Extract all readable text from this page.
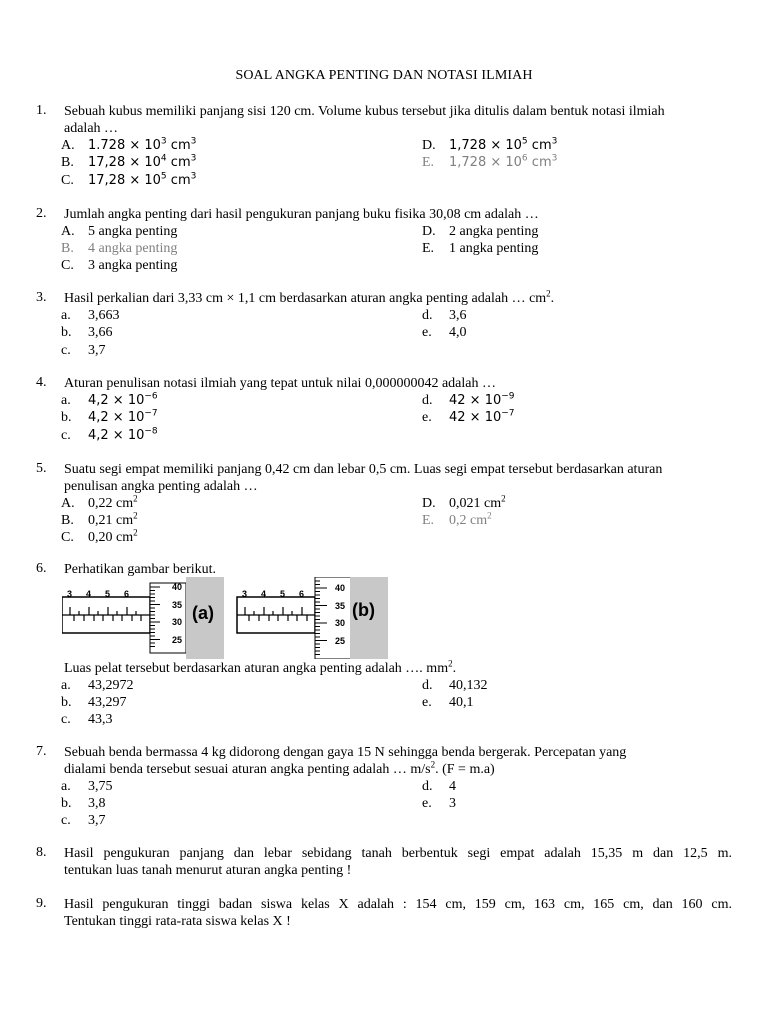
SOAL ANGKA PENTING DAN NOTASI ILMIAH
1. Sebuah kubus memiliki panjang sisi 120 cm. Volume kubus tersebut jika ditulis dalam bentuk notasi ilmiah
adalah …
A. $1.728 \times 10^3$ $cm^3$
B. $17,28 \times 10^4$ $cm^3$
C. $17,28 \times 10^5$ $cm^3$
D. $1,728 \times 10^5$ $cm^3$
E. $1,728 \times 10^6$ $cm^3$
2. Jumlah angka penting dari hasil pengukuran panjang buku fisika 30,08 cm adalah …
A. 5 angka penting
B. 4 angka penting
C. 3 angka penting
D. 2 angka penting
E. 1 angka penting
3. Hasil perkalian dari 3,33 cm × 1,1 cm berdasarkan aturan angka penting adalah … $cm^2$.
a. 3,663
b. 3,66
c. 3,7
d. 3,6
e. 4,0
4. Aturan penulisan notasi ilmiah yang tepat untuk nilai 0,000000042 adalah …
a. $4,2 \times 10^{-6}$
b. $4,2 \times 10^{-7}$
c. $4,2 \times 10^{-8}$
d. $42 \times 10^{-9}$
e. $42 \times 10^{-7}$
5. Suatu segi empat memiliki panjang 0,42 cm dan lebar 0,5 cm. Luas segi empat tersebut berdasarkan aturan
penulisan angka penting adalah …
A. 0,22 $cm^2$
B. 0,21 $cm^2$
C. 0,20 $cm^2$
D. 0,021 $cm^2$
E. 0,2 $cm^2$
6. Perhatikan gambar berikut.
3 4 5 6
40
35
30
25
(a)
3 4 5 6
40
35
30
25
(b)
Luas pelat tersebut berdasarkan aturan angka penting adalah …. $mm^2$.
a. 43,2972
b. 43,297
c. 43,3
d. 40,132
e. 40,1
7. Sebuah benda bermassa 4 kg didorong dengan gaya 15 N sehingga benda bergerak. Percepatan yang
dialami benda tersebut sesuai aturan angka penting adalah … $m/s^2$. (F = m.a)
a. 3,75
b. 3,8
c. 3,7
d. 4
e. 3
8. Hasil pengukuran panjang dan lebar sebidang tanah berbentuk segi empat adalah 15,35 m dan 12,5 m.
tentukan luas tanah menurut aturan angka penting !
9. Hasil pengukuran tinggi badan siswa kelas X adalah : 154 cm, 159 cm, 163 cm, 165 cm, dan 160 cm.
Tentukan tinggi rata-rata siswa kelas X !
